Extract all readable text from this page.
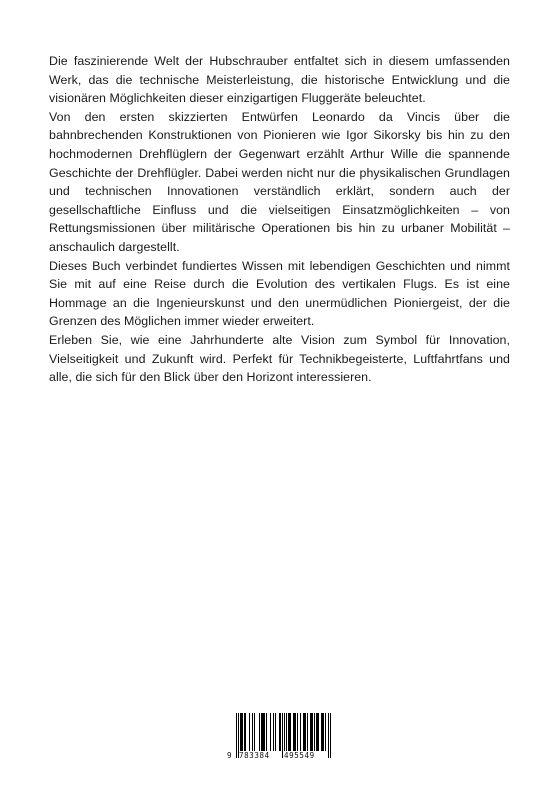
Die faszinierende Welt der Hubschrauber entfaltet sich in diesem umfassenden Werk, das die technische Meisterleistung, die historische Entwicklung und die visionären Möglichkeiten dieser einzigartigen Fluggeräte beleuchtet.

Von den ersten skizzierten Entwürfen Leonardo da Vincis über die bahnbrechenden Konstruktionen von Pionieren wie Igor Sikorsky bis hin zu den hochmodernen Drehflüglern der Gegenwart erzählt Arthur Wille die spannende Geschichte der Drehflügler. Dabei werden nicht nur die physikalischen Grundlagen und technischen Innovationen verständlich erklärt, sondern auch der gesellschaftliche Einfluss und die vielseitigen Einsatzmöglichkeiten – von Rettungsmissionen über militärische Operationen bis hin zu urbaner Mobilität – anschaulich dargestellt.

Dieses Buch verbindet fundiertes Wissen mit lebendigen Geschichten und nimmt Sie mit auf eine Reise durch die Evolution des vertikalen Flugs. Es ist eine Hommage an die Ingenieurskunst und den unermüdlichen Pioniergeist, der die Grenzen des Möglichen immer wieder erweitert.

Erleben Sie, wie eine Jahrhunderte alte Vision zum Symbol für Innovation, Vielseitigkeit und Zukunft wird. Perfekt für Technikbegeisterte, Luftfahrtfans und alle, die sich für den Blick über den Horizont interessieren.

9 783384 495549
